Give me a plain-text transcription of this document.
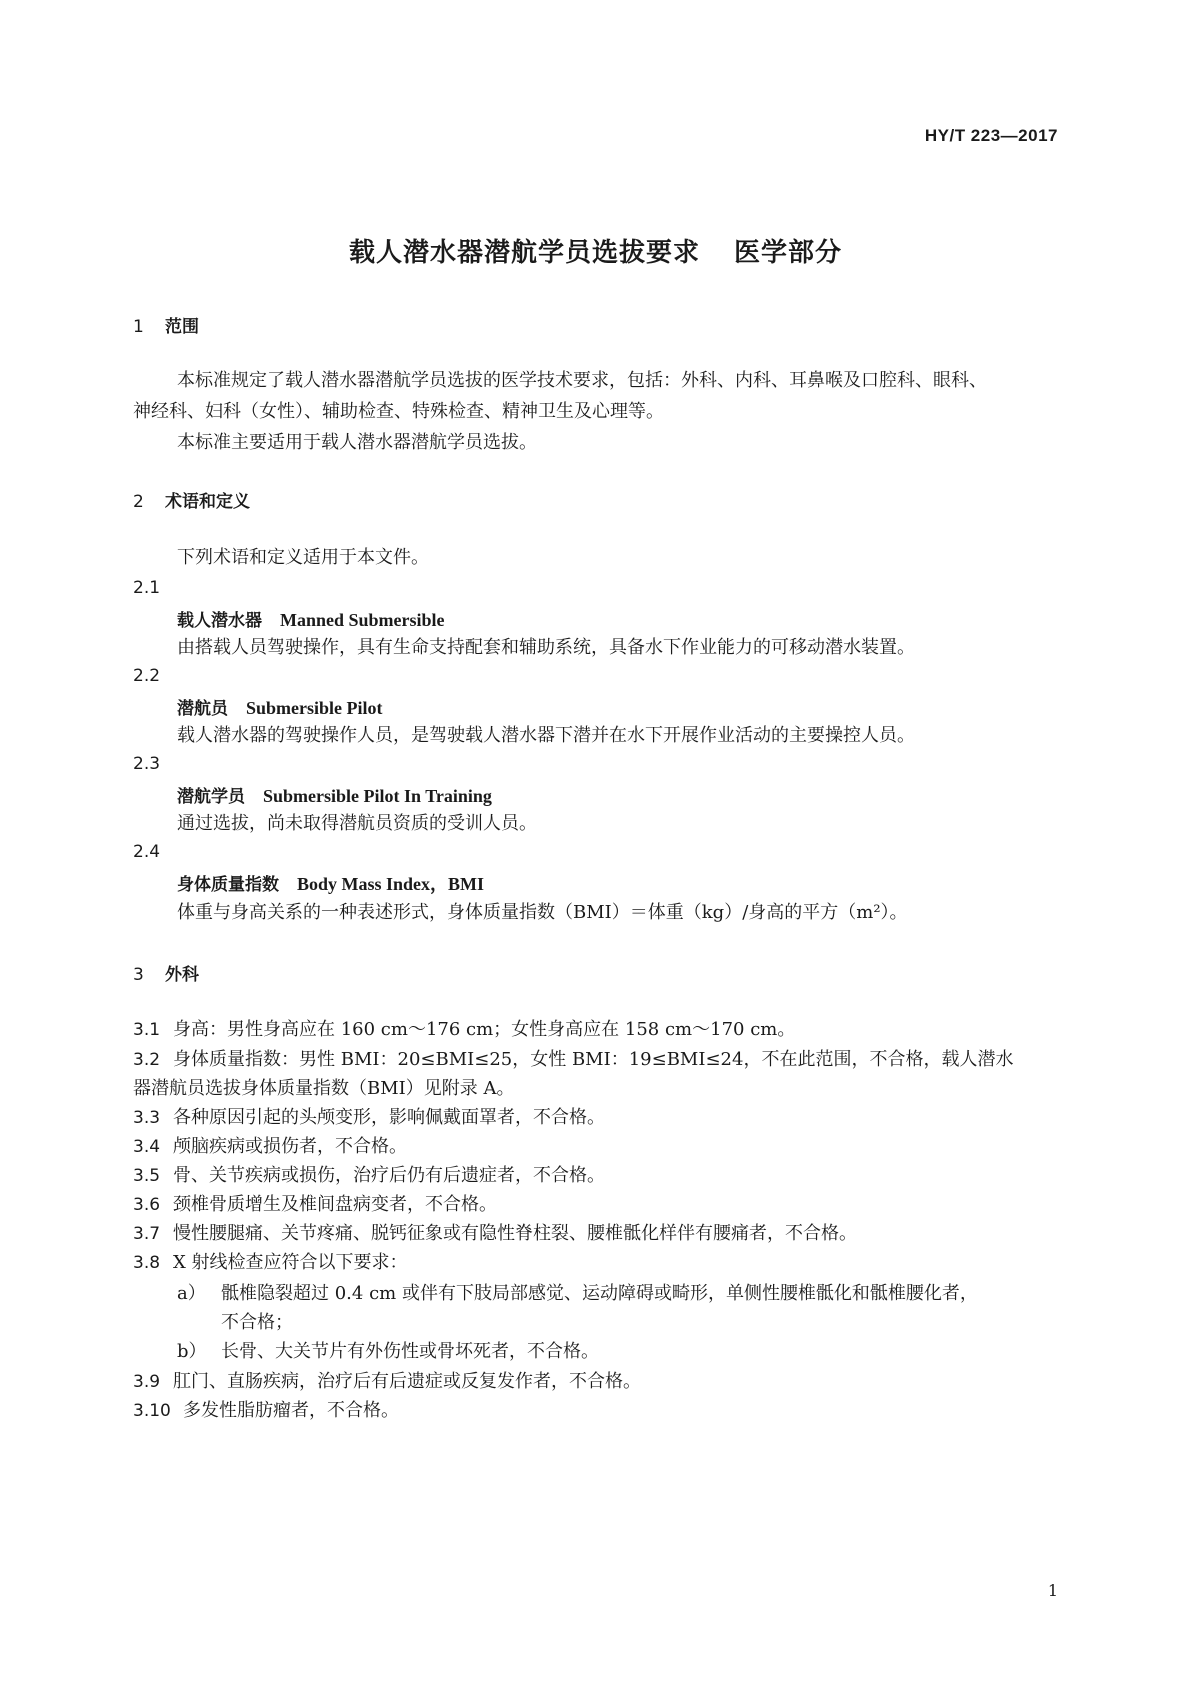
HY/T 223—2017
载人潜水器潜航学员选拔要求 医学部分
1 范围
本标准规定了载人潜水器潜航学员选拔的医学技术要求，包括：外科、内科、耳鼻喉及口腔科、眼科、
神经科、妇科（女性）、辅助检查、特殊检查、精神卫生及心理等。
本标准主要适用于载人潜水器潜航学员选拔。
2 术语和定义
下列术语和定义适用于本文件。
2.1
载人潜水器 Manned Submersible
由搭载人员驾驶操作，具有生命支持配套和辅助系统，具备水下作业能力的可移动潜水装置。
2.2
潜航员 Submersible Pilot
载人潜水器的驾驶操作人员，是驾驶载人潜水器下潜并在水下开展作业活动的主要操控人员。
2.3
潜航学员 Submersible Pilot In Training
通过选拔，尚未取得潜航员资质的受训人员。
2.4
身体质量指数 Body Mass Index，BMI
体重与身高关系的一种表述形式，身体质量指数（BMI）＝体重（kg）/身高的平方（m²）。
3 外科
3.1 身高：男性身高应在 160 cm～176 cm；女性身高应在 158 cm～170 cm。
3.2 身体质量指数：男性 BMI：20≤BMI≤25，女性 BMI：19≤BMI≤24，不在此范围，不合格，载人潜水
器潜航员选拔身体质量指数（BMI）见附录 A。
3.3 各种原因引起的头颅变形，影响佩戴面罩者，不合格。
3.4 颅脑疾病或损伤者，不合格。
3.5 骨、关节疾病或损伤，治疗后仍有后遗症者，不合格。
3.6 颈椎骨质增生及椎间盘病变者，不合格。
3.7 慢性腰腿痛、关节疼痛、脱钙征象或有隐性脊柱裂、腰椎骶化样伴有腰痛者，不合格。
3.8 X 射线检查应符合以下要求：
a） 骶椎隐裂超过 0.4 cm 或伴有下肢局部感觉、运动障碍或畸形，单侧性腰椎骶化和骶椎腰化者，
不合格；
b） 长骨、大关节片有外伤性或骨坏死者，不合格。
3.9 肛门、直肠疾病，治疗后有后遗症或反复发作者，不合格。
3.10 多发性脂肪瘤者，不合格。
1
